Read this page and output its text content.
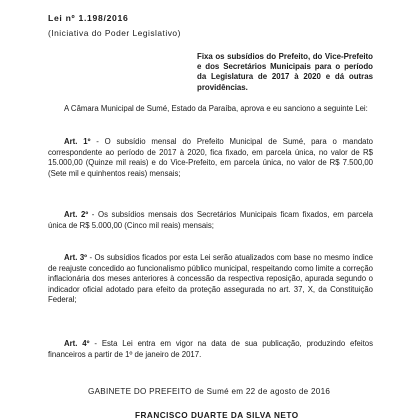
Lei nº 1.198/2016
(Iniciativa do Poder Legislativo)
Fixa os subsídios do Prefeito, do Vice-Prefeito e dos Secretários Municipais para o período da Legislatura de 2017 à 2020 e dá outras providências.

A Câmara Municipal de Sumé, Estado da Paraíba, aprova e eu sanciono a seguinte Lei:

Art. 1º - O subsídio mensal do Prefeito Municipal de Sumé, para o mandato correspondente ao período de 2017 à 2020, fica fixado, em parcela única, no valor de R$ 15.000,00 (Quinze mil reais) e do Vice-Prefeito, em parcela única, no valor de R$ 7.500,00 (Sete mil e quinhentos reais) mensais;

Art. 2º - Os subsídios mensais dos Secretários Municipais ficam fixados, em parcela única de R$ 5.000,00 (Cinco mil reais) mensais;

Art. 3º - Os subsídios ficados por esta Lei serão atualizados com base no mesmo índice de reajuste concedido ao funcionalismo público municipal, respeitando como limite a correção inflacionária dos meses anteriores à concessão da respectiva reposição, apurada segundo o indicador oficial adotado para efeito da proteção assegurada no art. 37, X, da Constituição Federal;

Art. 4º - Esta Lei entra em vigor na data de sua publicação, produzindo efeitos financeiros a partir de 1º de janeiro de 2017.

GABINETE DO PREFEITO de Sumé em 22 de agosto de 2016
FRANCISCO DUARTE DA SILVA NETO
